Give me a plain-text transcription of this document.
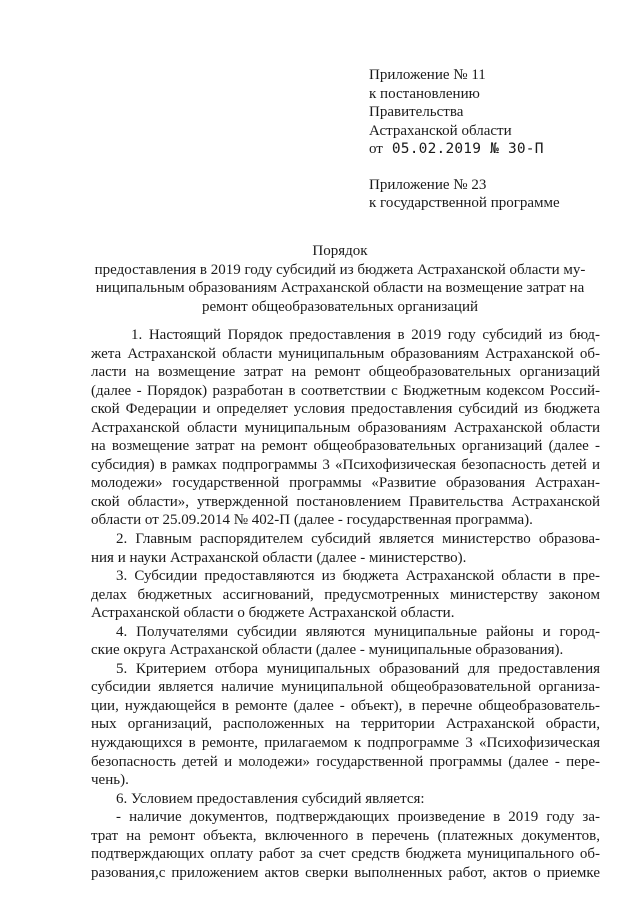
Приложение № 11
к постановлению
Правительства
Астраханской области
от 05.02.2019 № 30-П
Приложение № 23
к государственной программе
Порядок
предоставления в 2019 году субсидий из бюджета Астраханской области му-
ниципальным образованиям Астраханской области на возмещение затрат на
ремонт общеобразовательных организаций
1. Настоящий Порядок предоставления в 2019 году субсидий из бюд-
жета Астраханской области муниципальным образованиям Астраханской об-
ласти на возмещение затрат на ремонт общеобразовательных организаций
(далее - Порядок) разработан в соответствии с Бюджетным кодексом Россий-
ской Федерации и определяет условия предоставления субсидий из бюджета
Астраханской области муниципальным образованиям Астраханской области
на возмещение затрат на ремонт общеобразовательных организаций (далее -
субсидия) в рамках подпрограммы 3 «Психофизическая безопасность детей и
молодежи» государственной программы «Развитие образования Астрахан-
ской области», утвержденной постановлением Правительства Астраханской
области от 25.09.2014 № 402-П (далее - государственная программа).
2. Главным распорядителем субсидий является министерство образова-
ния и науки Астраханской области (далее - министерство).
3. Субсидии предоставляются из бюджета Астраханской области в пре-
делах бюджетных ассигнований, предусмотренных министерству законом
Астраханской области о бюджете Астраханской области.
4. Получателями субсидии являются муниципальные районы и город-
ские округа Астраханской области (далее - муниципальные образования).
5. Критерием отбора муниципальных образований для предоставления
субсидии является наличие муниципальной общеобразовательной организа-
ции, нуждающейся в ремонте (далее - объект), в перечне общеобразователь-
ных организаций, расположенных на территории Астраханской обрасти,
нуждающихся в ремонте, прилагаемом к подпрограмме 3 «Психофизическая
безопасность детей и молодежи» государственной программы (далее - пере-
чень).
6. Условием предоставления субсидий является:
- наличие документов, подтверждающих произведение в 2019 году за-
трат на ремонт объекта, включенного в перечень (платежных документов,
подтверждающих оплату работ за счет средств бюджета муниципального об-
разования,с приложением актов сверки выполненных работ, актов о приемке
